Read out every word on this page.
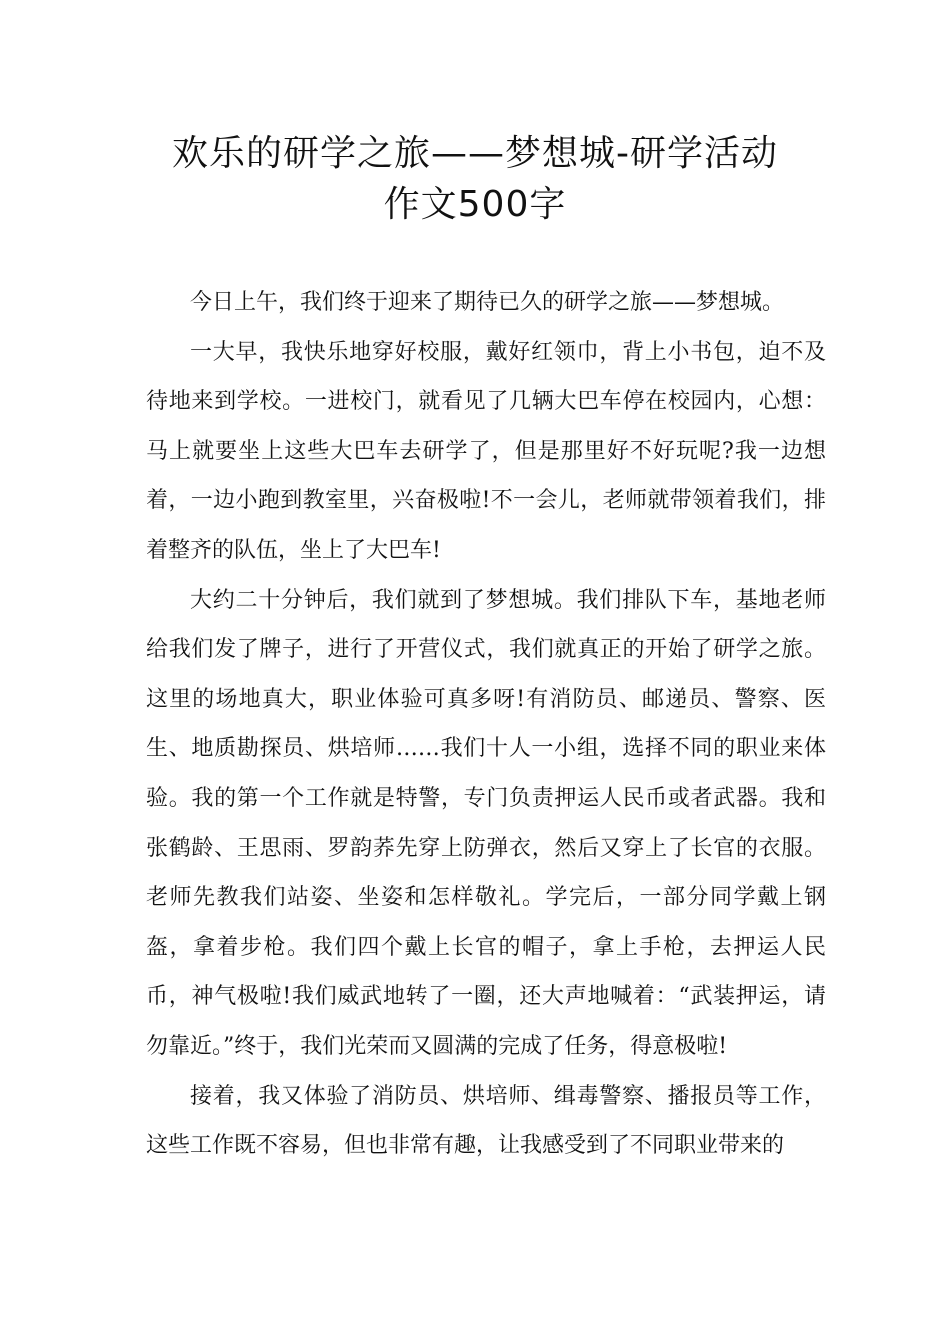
欢乐的研学之旅——梦想城-研学活动
作文500字

今日上午，我们终于迎来了期待已久的研学之旅——梦想城。

一大早，我快乐地穿好校服，戴好红领巾，背上小书包，迫不及待地来到学校。一进校门，就看见了几辆大巴车停在校园内，心想：马上就要坐上这些大巴车去研学了，但是那里好不好玩呢?我一边想着，一边小跑到教室里，兴奋极啦!不一会儿，老师就带领着我们，排着整齐的队伍，坐上了大巴车!

大约二十分钟后，我们就到了梦想城。我们排队下车，基地老师给我们发了牌子，进行了开营仪式，我们就真正的开始了研学之旅。这里的场地真大，职业体验可真多呀!有消防员、邮递员、警察、医生、地质勘探员、烘培师……我们十人一小组，选择不同的职业来体验。我的第一个工作就是特警，专门负责押运人民币或者武器。我和张鹤龄、王思雨、罗韵荞先穿上防弹衣，然后又穿上了长官的衣服。老师先教我们站姿、坐姿和怎样敬礼。学完后，一部分同学戴上钢盔，拿着步枪。我们四个戴上长官的帽子，拿上手枪，去押运人民币，神气极啦!我们威武地转了一圈，还大声地喊着：“武装押运，请勿靠近。”终于，我们光荣而又圆满的完成了任务，得意极啦!

接着，我又体验了消防员、烘培师、缉毒警察、播报员等工作，这些工作既不容易，但也非常有趣，让我感受到了不同职业带来的
